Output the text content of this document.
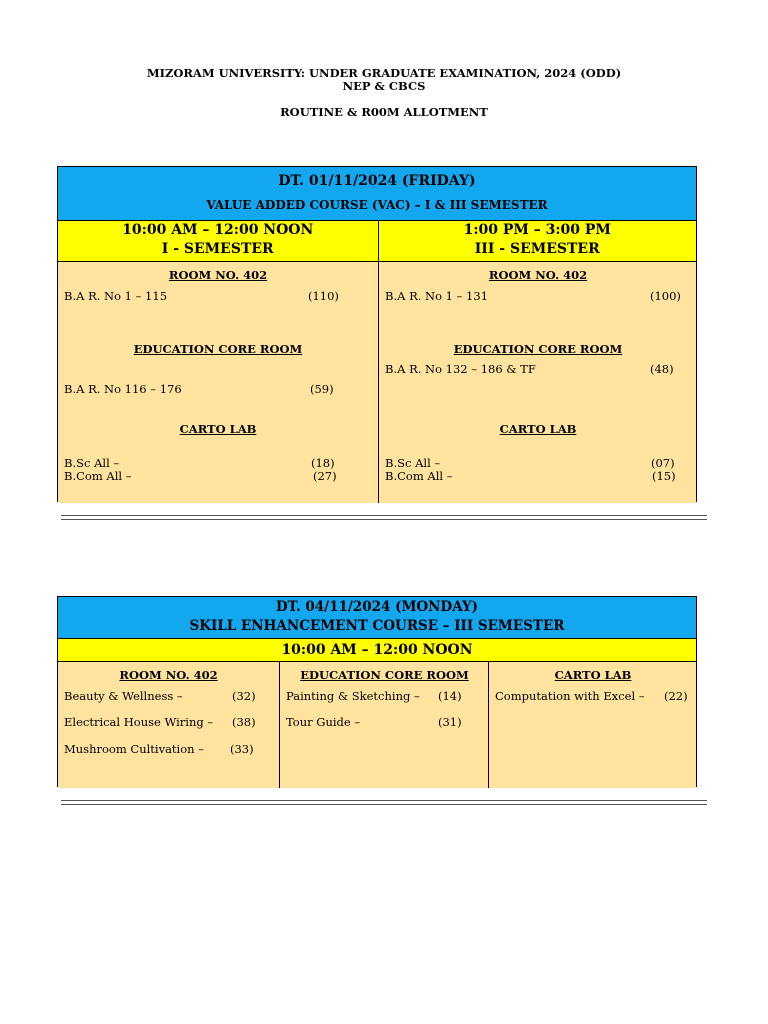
MIZORAM UNIVERSITY: UNDER GRADUATE EXAMINATION, 2024 (ODD)
NEP & CBCS
ROUTINE & R00M ALLOTMENT
DT. 01/11/2024 (FRIDAY)
VALUE ADDED COURSE (VAC) – I & III SEMESTER
10:00 AM – 12:00 NOON
I - SEMESTER
1:00 PM – 3:00 PM
III - SEMESTER
ROOM NO. 402
B.A R. No 1 – 115	(110)
EDUCATION CORE ROOM
B.A R. No 116 – 176	(59)
CARTO LAB
B.Sc All –	(18)
B.Com All –	(27)
ROOM NO. 402
B.A R. No 1 – 131	(100)
EDUCATION CORE ROOM
B.A R. No 132 – 186 & TF	(48)
CARTO LAB
B.Sc All –	(07)
B.Com All –	(15)
DT. 04/11/2024 (MONDAY)
SKILL ENHANCEMENT COURSE – III SEMESTER
10:00 AM – 12:00 NOON
ROOM NO. 402
Beauty & Wellness –	(32)
Electrical House Wiring – (38)
Mushroom Cultivation – (33)
EDUCATION CORE ROOM
Painting & Sketching – (14)
Tour Guide –	(31)
CARTO LAB
Computation with Excel – (22)
